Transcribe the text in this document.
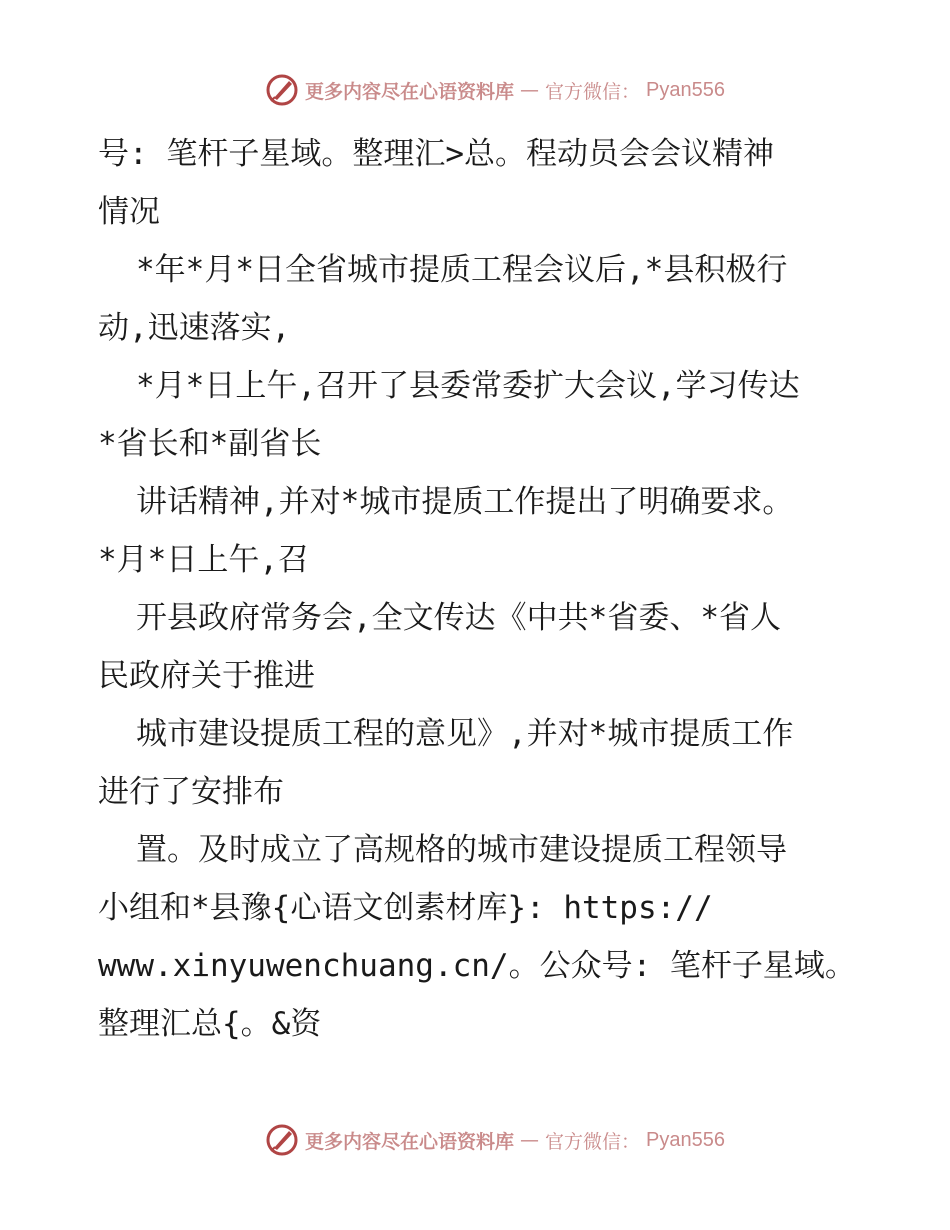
更多内容尽在心语资料库 — 官方微信： Pyan556
号: 笔杆子星域。整理汇>总。程动员会会议精神
情况
*年*月*日全省城市提质工程会议后,*县积极行
动,迅速落实,
*月*日上午,召开了县委常委扩大会议,学习传达
*省长和*副省长
讲话精神,并对*城市提质工作提出了明确要求。
*月*日上午,召
开县政府常务会,全文传达《中共*省委、*省人
民政府关于推进
城市建设提质工程的意见》,并对*城市提质工作
进行了安排布
置。及时成立了高规格的城市建设提质工程领导
小组和*县豫{心语文创素材库}: https://
www.xinyuwenchuang.cn/。公众号: 笔杆子星域。
整理汇总{。&资
更多内容尽在心语资料库 — 官方微信： Pyan556
